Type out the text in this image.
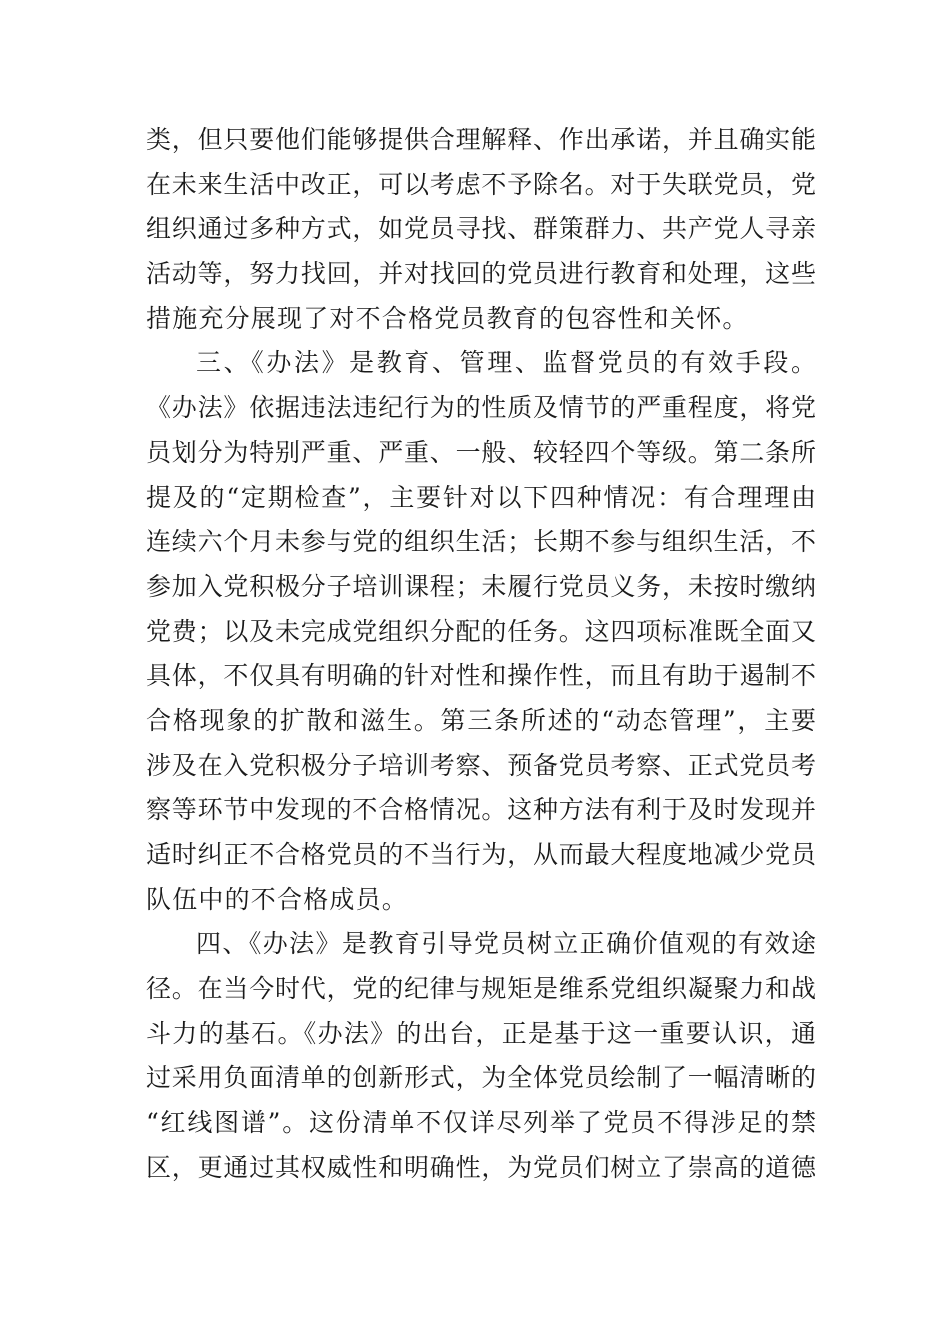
类，但只要他们能够提供合理解释、作出承诺，并且确实能
在未来生活中改正，可以考虑不予除名。对于失联党员，党
组织通过多种方式，如党员寻找、群策群力、共产党人寻亲
活动等，努力找回，并对找回的党员进行教育和处理，这些
措施充分展现了对不合格党员教育的包容性和关怀。
三、《办法》是教育、管理、监督党员的有效手段。
《办法》依据违法违纪行为的性质及情节的严重程度，将党
员划分为特别严重、严重、一般、较轻四个等级。第二条所
提及的“定期检查”，主要针对以下四种情况：有合理理由
连续六个月未参与党的组织生活；长期不参与组织生活，不
参加入党积极分子培训课程；未履行党员义务，未按时缴纳
党费；以及未完成党组织分配的任务。这四项标准既全面又
具体，不仅具有明确的针对性和操作性，而且有助于遏制不
合格现象的扩散和滋生。第三条所述的“动态管理”，主要
涉及在入党积极分子培训考察、预备党员考察、正式党员考
察等环节中发现的不合格情况。这种方法有利于及时发现并
适时纠正不合格党员的不当行为，从而最大程度地减少党员
队伍中的不合格成员。
四、《办法》是教育引导党员树立正确价值观的有效途
径。在当今时代，党的纪律与规矩是维系党组织凝聚力和战
斗力的基石。《办法》的出台，正是基于这一重要认识，通
过采用负面清单的创新形式，为全体党员绘制了一幅清晰的
“红线图谱”。这份清单不仅详尽列举了党员不得涉足的禁
区，更通过其权威性和明确性，为党员们树立了崇高的道德
